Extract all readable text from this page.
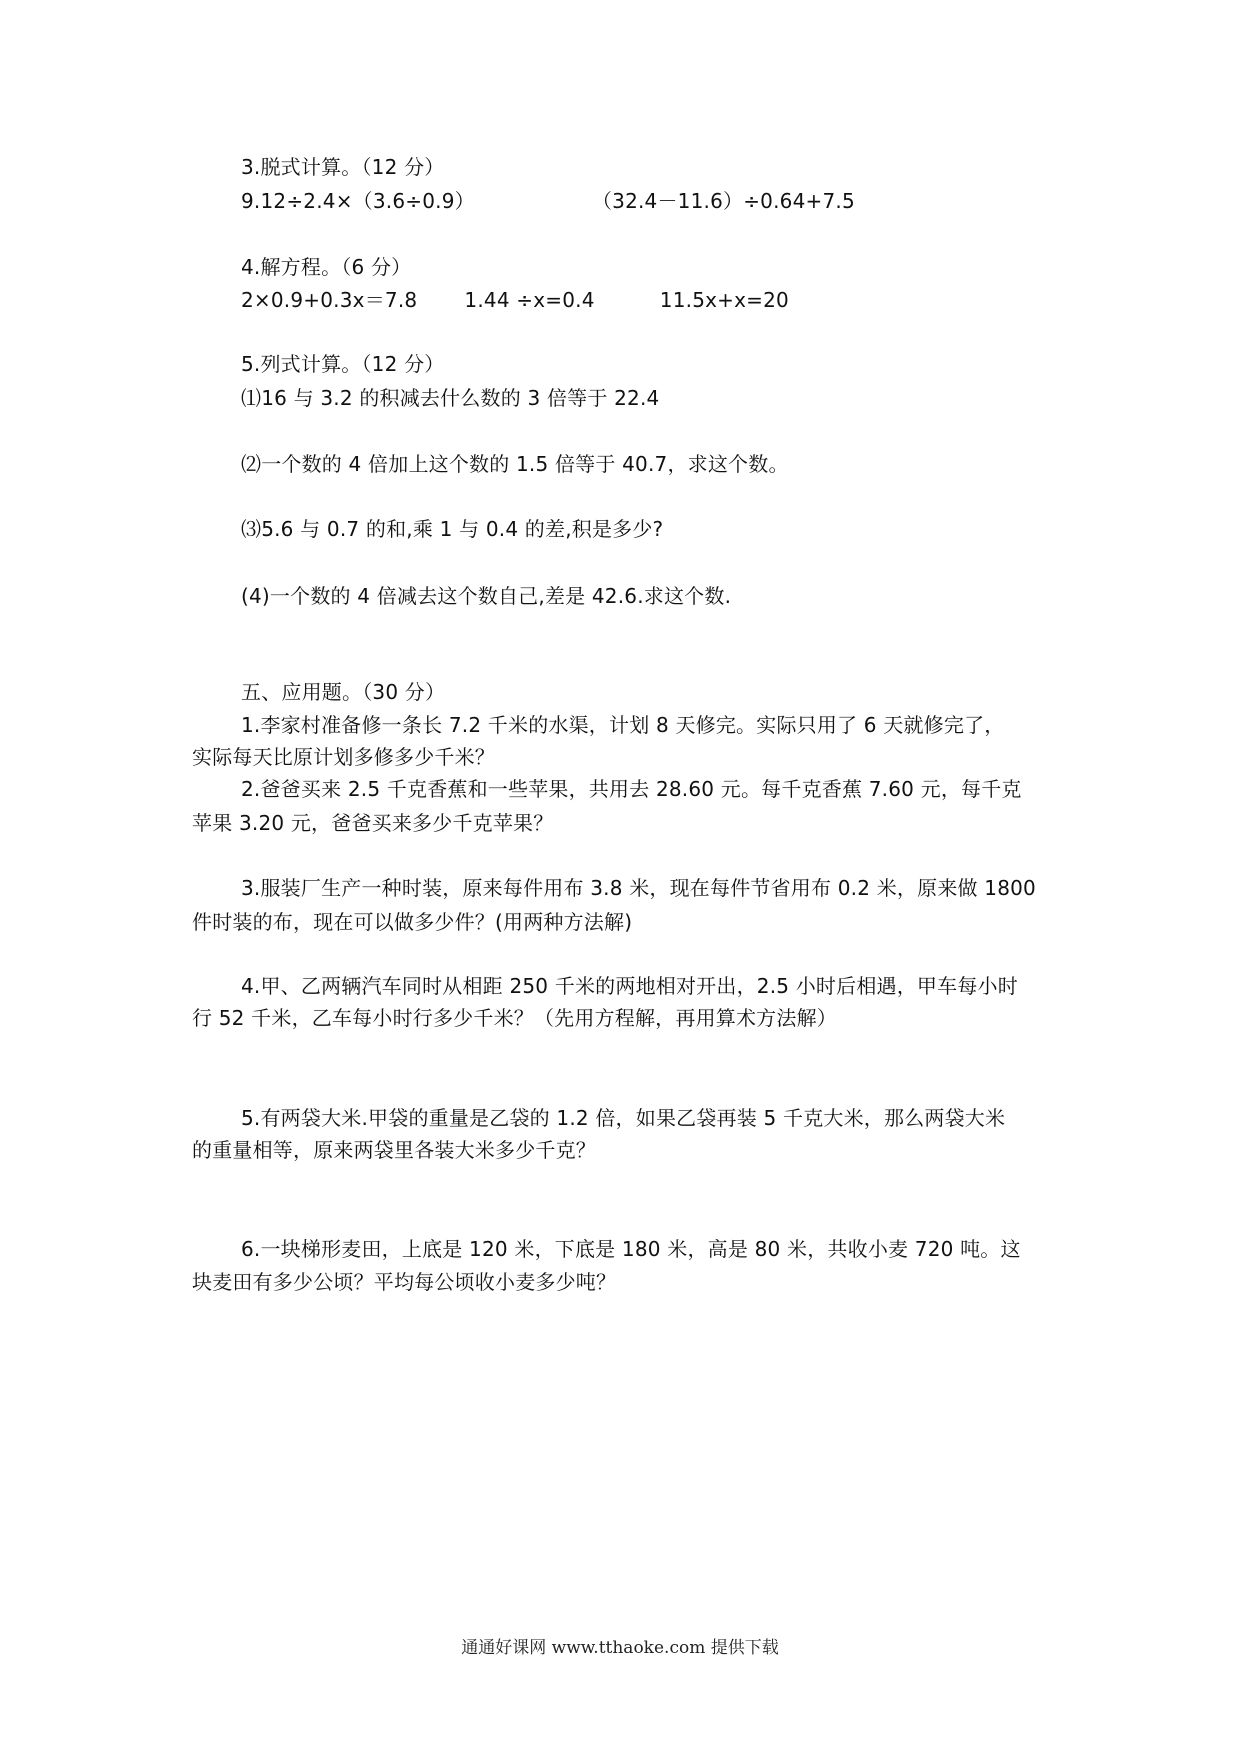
3.脱式计算。（12 分）
9.12÷2.4×（3.6÷0.9）	（32.4－11.6）÷0.64+7.5
4.解方程。（6 分）
2×0.9+0.3x＝7.8 1.44 ÷x=0.4	11.5x+x=20
5.列式计算。（12 分）
⑴16 与 3.2 的积减去什么数的 3 倍等于 22.4
⑵一个数的 4 倍加上这个数的 1.5 倍等于 40.7，求这个数。
⑶5.6 与 0.7 的和,乘 1 与 0.4 的差,积是多少?
(4)一个数的 4 倍减去这个数自己,差是 42.6.求这个数.
五、应用题。（30 分）
1.李家村准备修一条长 7.2 千米的水渠，计划 8 天修完。实际只用了 6 天就修完了，
实际每天比原计划多修多少千米？
2.爸爸买来 2.5 千克香蕉和一些苹果，共用去 28.60 元。每千克香蕉 7.60 元，每千克
苹果 3.20 元，爸爸买来多少千克苹果？
3.服装厂生产一种时装，原来每件用布 3.8 米，现在每件节省用布 0.2 米，原来做 1800
件时装的布，现在可以做多少件？(用两种方法解)
4.甲、乙两辆汽车同时从相距 250 千米的两地相对开出，2.5 小时后相遇，甲车每小时
行 52 千米，乙车每小时行多少千米？（先用方程解，再用算术方法解）
5.有两袋大米.甲袋的重量是乙袋的 1.2 倍，如果乙袋再装 5 千克大米，那么两袋大米
的重量相等，原来两袋里各装大米多少千克？
6.一块梯形麦田，上底是 120 米，下底是 180 米，高是 80 米，共收小麦 720 吨。这
块麦田有多少公顷？平均每公顷收小麦多少吨？
通通好课网 www.tthaoke.com 提供下载
